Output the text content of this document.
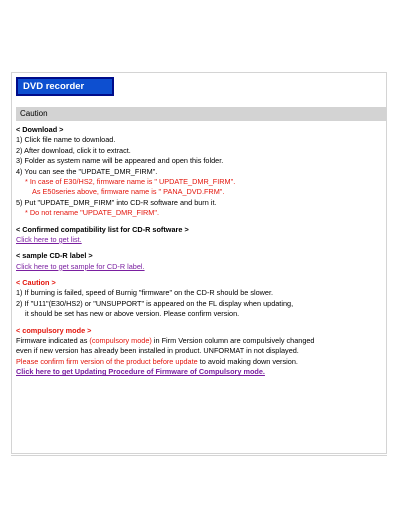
DVD recorder
Caution
< Download >
1) Click file name to download.
2) After download, click it to extract.
3) Folder as system name will be appeared and open this folder.
4) You can see the "UPDATE_DMR_FIRM".
* In case of E30/HS2, firmware name is " UPDATE_DMR_FIRM".
As E50series above, firmware name is " PANA_DVD.FRM".
5) Put "UPDATE_DMR_FIRM" into CD-R software and burn it.
* Do not rename "UPDATE_DMR_FIRM".
< Confirmed compatibility list for CD-R software >
Click here to get list.
< sample CD-R label >
Click here to get sample for CD-R label.
< Caution >
1) If burning is failed, speed of Burnig "firmware" on the CD-R should be slower.
2) If "U11"(E30/HS2) or "UNSUPPORT" is appeared on the FL display when updating,
it should be set has new or above version. Please confirm version.
< compulsory mode >
Firmware indicated as (compulsory mode) in Firm Version column are compulsively changed
even if new version has already been installed in product. UNFORMAT in not displayed.
Please confirm firm version of the product before update to avoid making down version.
Click here to get Updating Procedure of Firmware of Compulsory mode.
